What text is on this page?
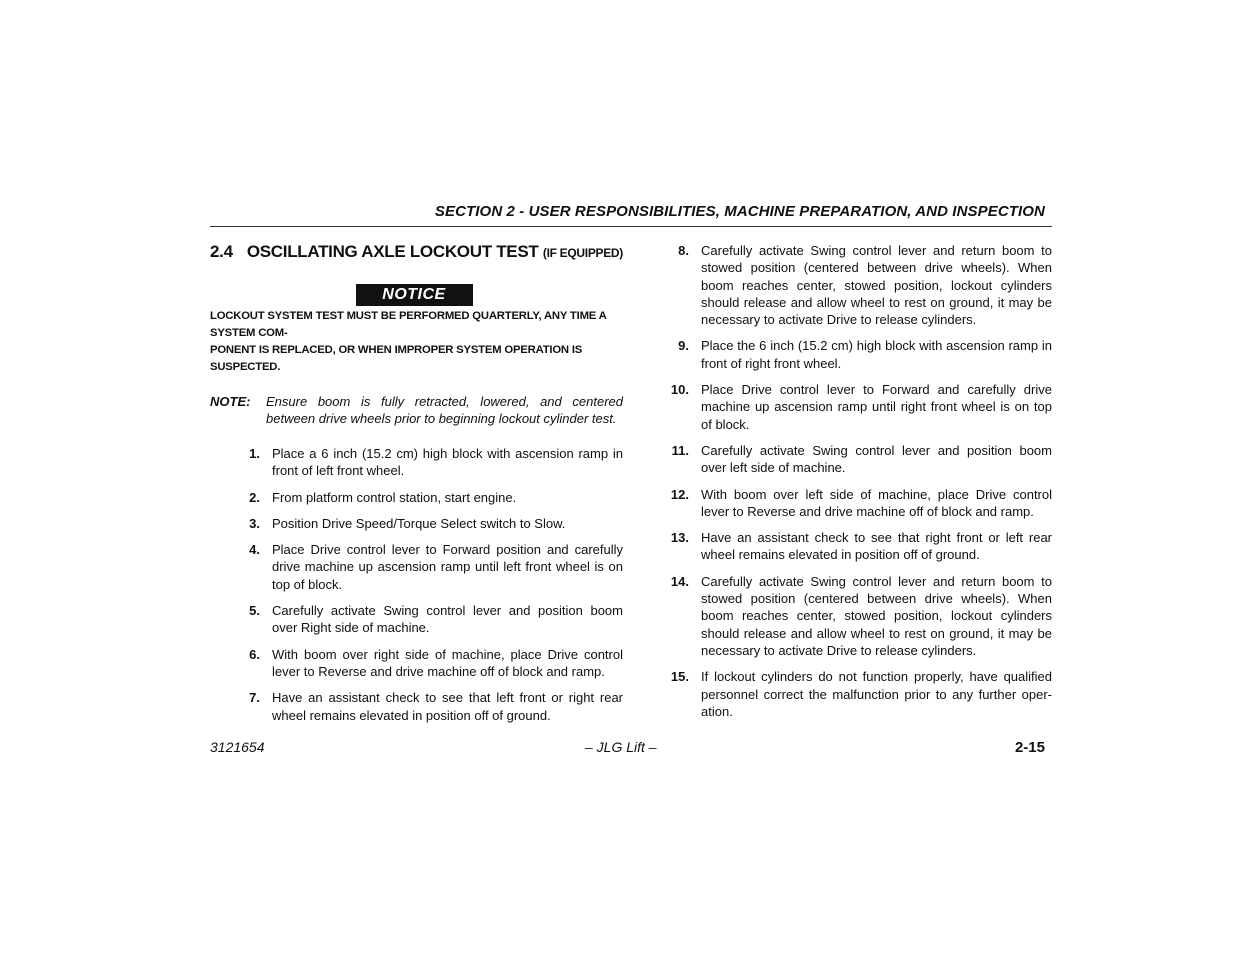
SECTION 2 - USER RESPONSIBILITIES, MACHINE PREPARATION, AND INSPECTION
2.4 OSCILLATING AXLE LOCKOUT TEST (IF EQUIPPED)
NOTICE
LOCKOUT SYSTEM TEST MUST BE PERFORMED QUARTERLY, ANY TIME A SYSTEM COM-
PONENT IS REPLACED, OR WHEN IMPROPER SYSTEM OPERATION IS SUSPECTED.
NOTE:	Ensure boom is fully retracted, lowered, and centered between drive wheels prior to beginning lockout cylinder test.
1. Place a 6 inch (15.2 cm) high block with ascension ramp in front of left front wheel.
2. From platform control station, start engine.
3. Position Drive Speed/Torque Select switch to Slow.
4. Place Drive control lever to Forward position and carefully drive machine up ascension ramp until left front wheel is on top of block.
5. Carefully activate Swing control lever and position boom over Right side of machine.
6. With boom over right side of machine, place Drive control lever to Reverse and drive machine off of block and ramp.
7. Have an assistant check to see that left front or right rear wheel remains elevated in position off of ground.
8. Carefully activate Swing control lever and return boom to stowed position (centered between drive wheels). When boom reaches center, stowed position, lockout cylinders should release and allow wheel to rest on ground, it may be necessary to activate Drive to release cylinders.
9. Place the 6 inch (15.2 cm) high block with ascension ramp in front of right front wheel.
10. Place Drive control lever to Forward and carefully drive machine up ascension ramp until right front wheel is on top of block.
11. Carefully activate Swing control lever and position boom over left side of machine.
12. With boom over left side of machine, place Drive control lever to Reverse and drive machine off of block and ramp.
13. Have an assistant check to see that right front or left rear wheel remains elevated in position off of ground.
14. Carefully activate Swing control lever and return boom to stowed position (centered between drive wheels). When boom reaches center, stowed position, lockout cylinders should release and allow wheel to rest on ground, it may be necessary to activate Drive to release cylinders.
15. If lockout cylinders do not function properly, have qualified personnel correct the malfunction prior to any further oper-ation.
3121654	– JLG Lift –	2-15
